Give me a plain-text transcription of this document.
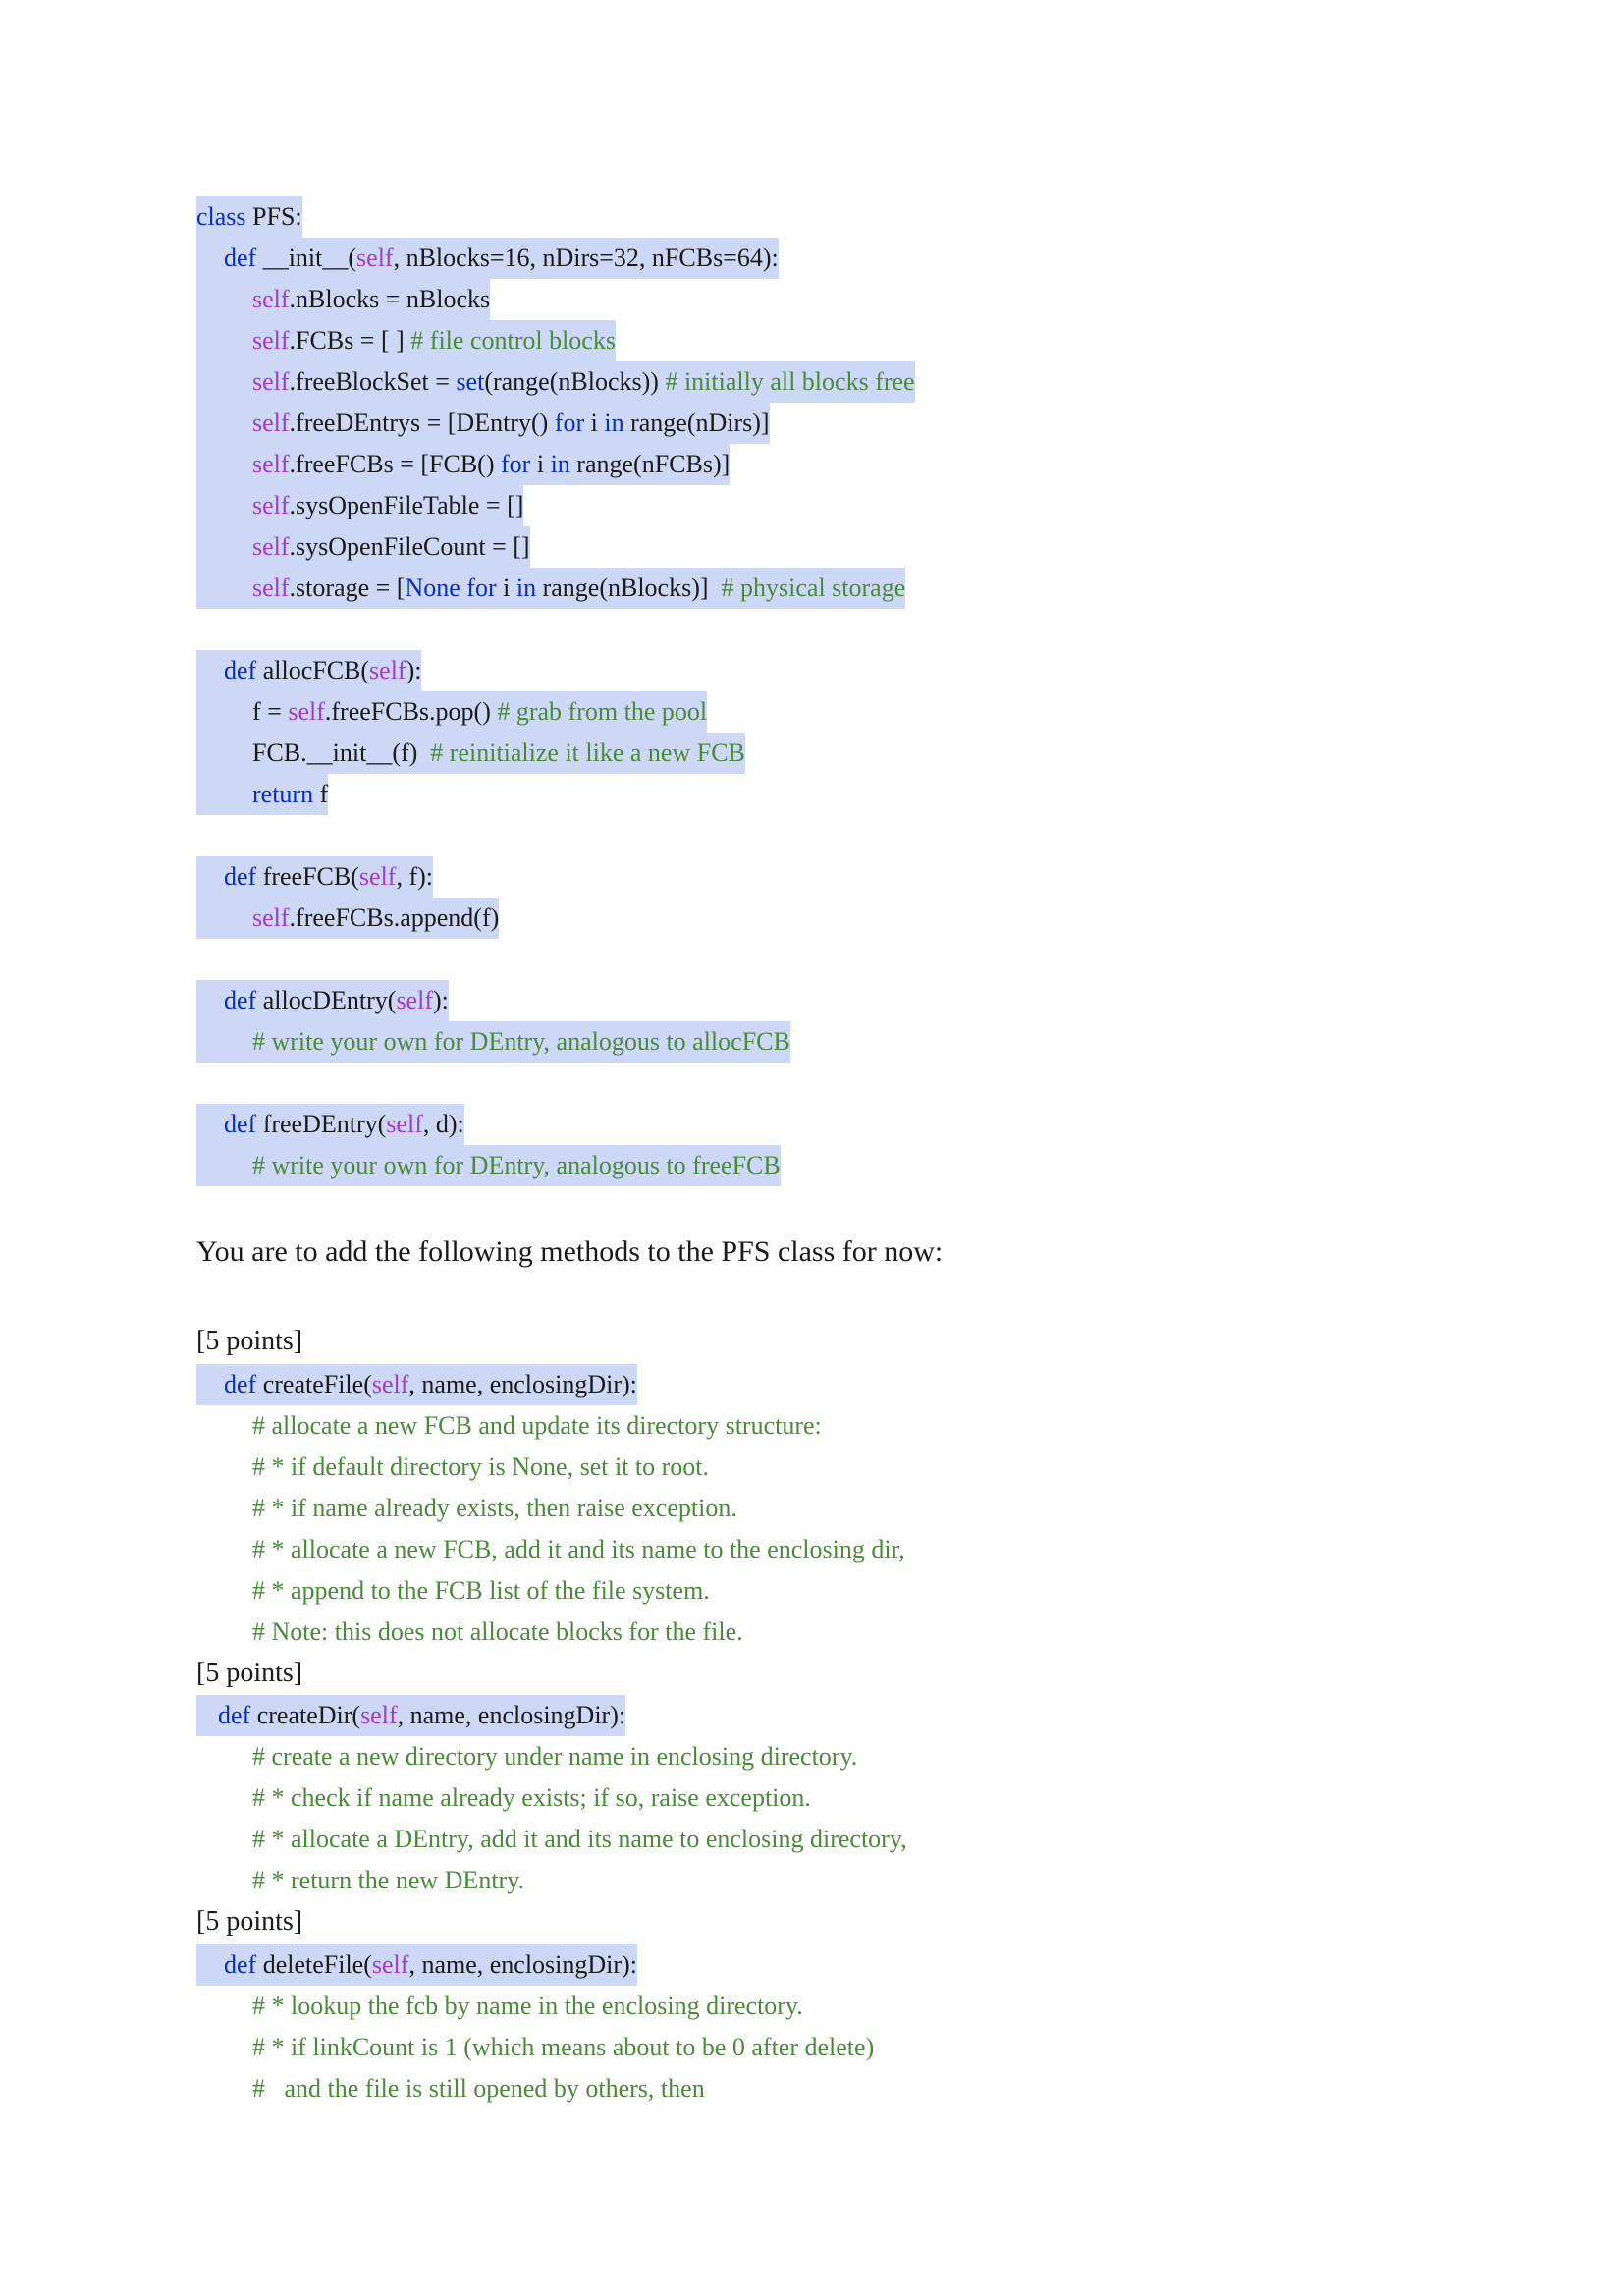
class PFS:
def __init__(self, nBlocks=16, nDirs=32, nFCBs=64):
self.nBlocks = nBlocks
self.FCBs = [ ] # file control blocks
self.freeBlockSet = set(range(nBlocks)) # initially all blocks free
self.freeDEntrys = [DEntry() for i in range(nDirs)]
self.freeFCBs = [FCB() for i in range(nFCBs)]
self.sysOpenFileTable = []
self.sysOpenFileCount = []
self.storage = [None for i in range(nBlocks)]  # physical storage
def allocFCB(self):
f = self.freeFCBs.pop() # grab from the pool
FCB.__init__(f)  # reinitialize it like a new FCB
return f
def freeFCB(self, f):
self.freeFCBs.append(f)
def allocDEntry(self):
# write your own for DEntry, analogous to allocFCB
def freeDEntry(self, d):
# write your own for DEntry, analogous to freeFCB
You are to add the following methods to the PFS class for now:
[5 points]
def createFile(self, name, enclosingDir):
# allocate a new FCB and update its directory structure:
# * if default directory is None, set it to root.
# * if name already exists, then raise exception.
# * allocate a new FCB, add it and its name to the enclosing dir,
# * append to the FCB list of the file system.
# Note: this does not allocate blocks for the file.
[5 points]
def createDir(self, name, enclosingDir):
# create a new directory under name in enclosing directory.
# * check if name already exists; if so, raise exception.
# * allocate a DEntry, add it and its name to enclosing directory,
# * return the new DEntry.
[5 points]
def deleteFile(self, name, enclosingDir):
# * lookup the fcb by name in the enclosing directory.
# * if linkCount is 1 (which means about to be 0 after delete)
#   and the file is still opened by others, then
